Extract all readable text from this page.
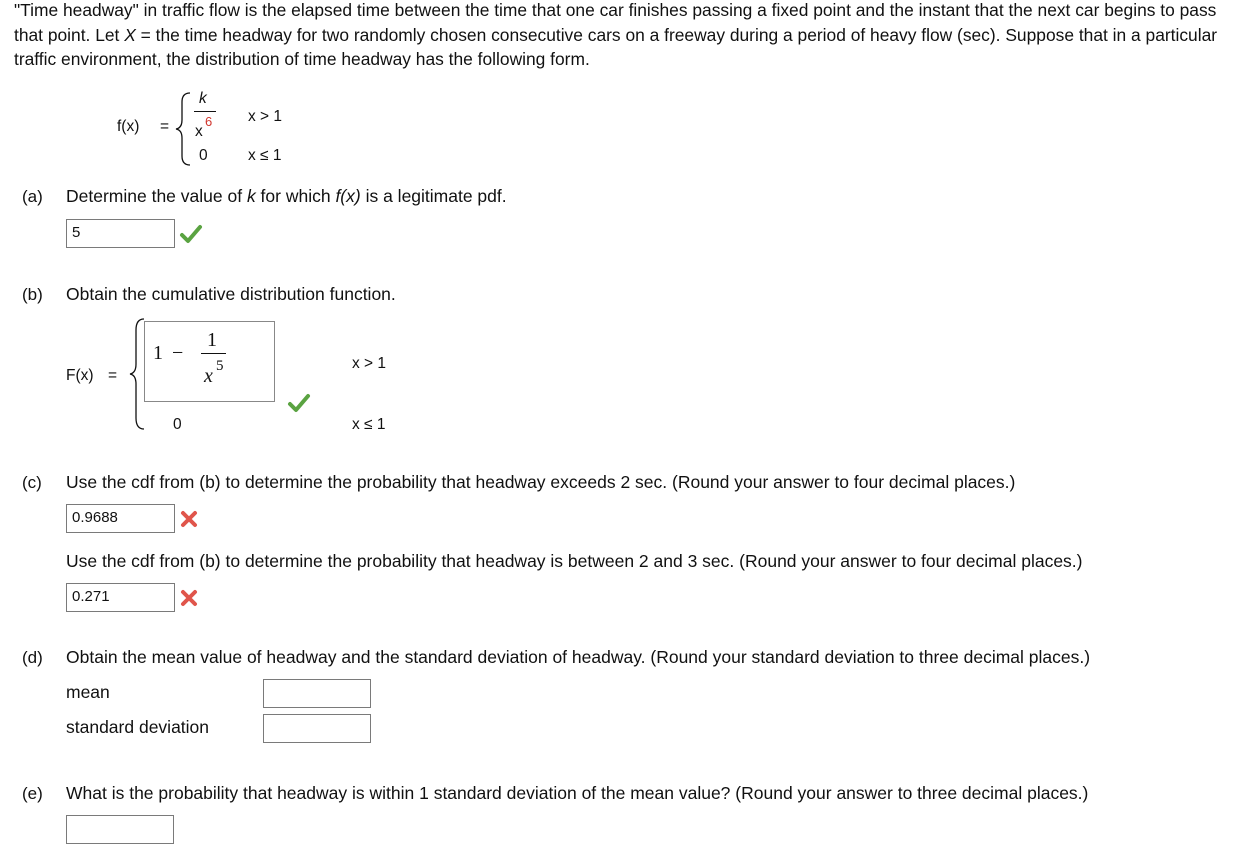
"Time headway" in traffic flow is the elapsed time between the time that one car finishes passing a fixed point and the instant that the next car begins to pass that point. Let X = the time headway for two randomly chosen consecutive cars on a freeway during a period of heavy flow (sec). Suppose that in a particular traffic environment, the distribution of time headway has the following form.
f(x) =
k
x
6 x > 1
0	x ≤ 1
(a) Determine the value of k for which f(x) is a legitimate pdf.
5
(b) Obtain the cumulative distribution function.
F(x) =
1 −
1
x 5	x > 1
0	x ≤ 1
(c) Use the cdf from (b) to determine the probability that headway exceeds 2 sec. (Round your answer to four decimal places.)
0.9688
Use the cdf from (b) to determine the probability that headway is between 2 and 3 sec. (Round your answer to four decimal places.)
0.271
(d) Obtain the mean value of headway and the standard deviation of headway. (Round your standard deviation to three decimal places.)
mean
standard deviation
(e) What is the probability that headway is within 1 standard deviation of the mean value? (Round your answer to three decimal places.)
